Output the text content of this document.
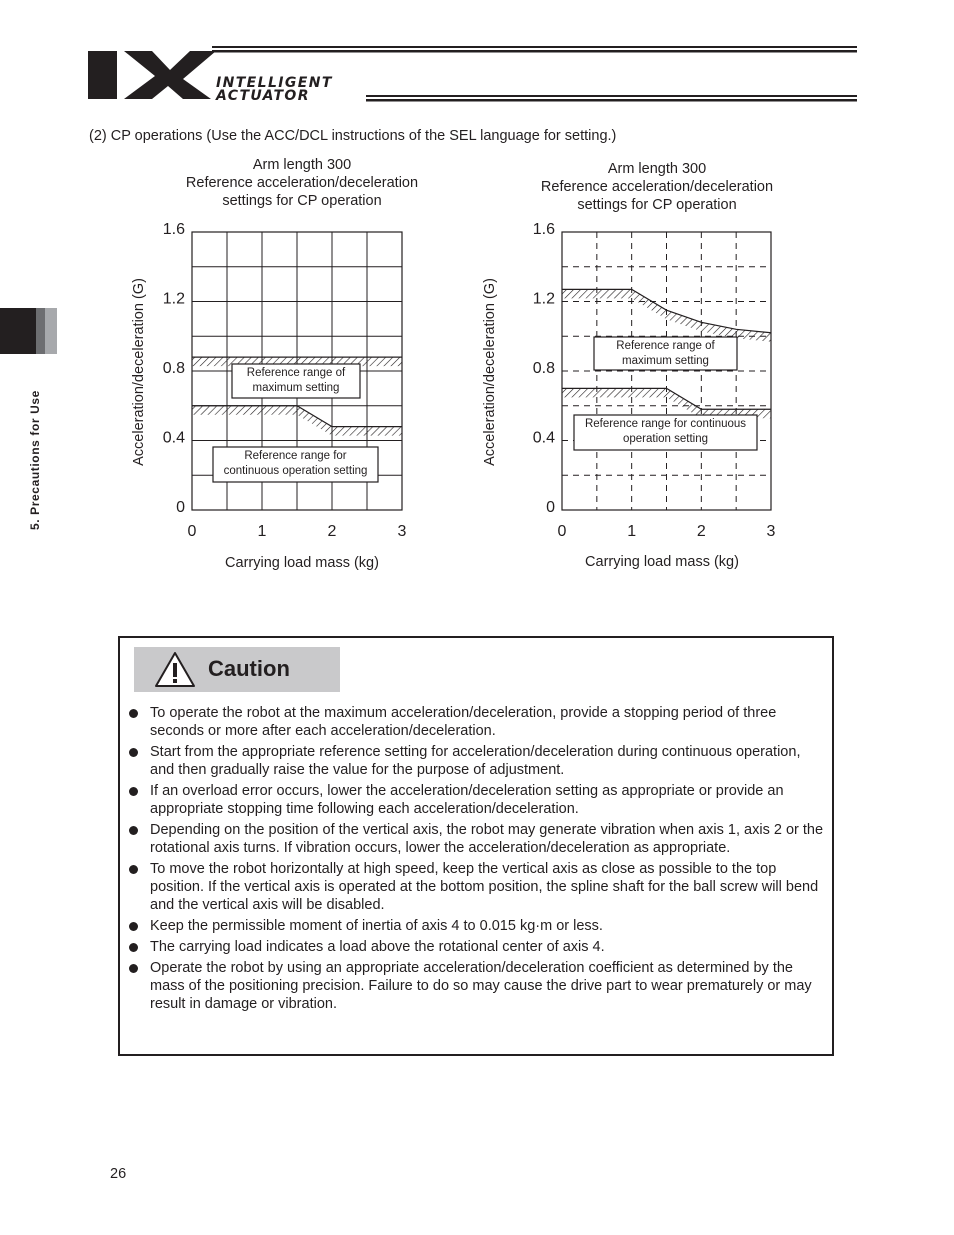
INTELLIGENT
ACTUATOR
5. Precautions for Use
(2) CP operations (Use the ACC/DCL instructions of the SEL language for setting.)
Arm length 300
Reference acceleration/deceleration
settings for CP operation
Arm length 300
Reference acceleration/deceleration
settings for CP operation
0	1	2	3
0
0.4
0.8
1.2
1.6
Carrying load mass (kg)
Acceleration/deceleration (G)	Reference range of
maximum setting
Reference range for
continuous operation setting
0	1	2	3
0
0.4
0.8
1.2
1.6
Carrying load mass (kg)
Acceleration/deceleration (G)	Reference range of
maximum setting
Reference range for continuous
operation setting
Caution
To operate the robot at the maximum acceleration/deceleration, provide a stopping period of three seconds or more after each acceleration/deceleration.
Start from the appropriate reference setting for acceleration/deceleration during continuous operation, and then gradually raise the value for the purpose of adjustment.
If an overload error occurs, lower the acceleration/deceleration setting as appropriate or provide an appropriate stopping time following each acceleration/deceleration.
Depending on the position of the vertical axis, the robot may generate vibration when axis 1, axis 2 or the rotational axis turns. If vibration occurs, lower the acceleration/deceleration as appropriate.
To move the robot horizontally at high speed, keep the vertical axis as close as possible to the top position. If the vertical axis is operated at the bottom position, the spline shaft for the ball screw will bend and the vertical axis will be disabled.
Keep the permissible moment of inertia of axis 4 to 0.015 kg·m or less.
The carrying load indicates a load above the rotational center of axis 4.
Operate the robot by using an appropriate acceleration/deceleration coefficient as determined by the mass of the positioning precision. Failure to do so may cause the drive part to wear prematurely or may result in damage or vibration.
26
